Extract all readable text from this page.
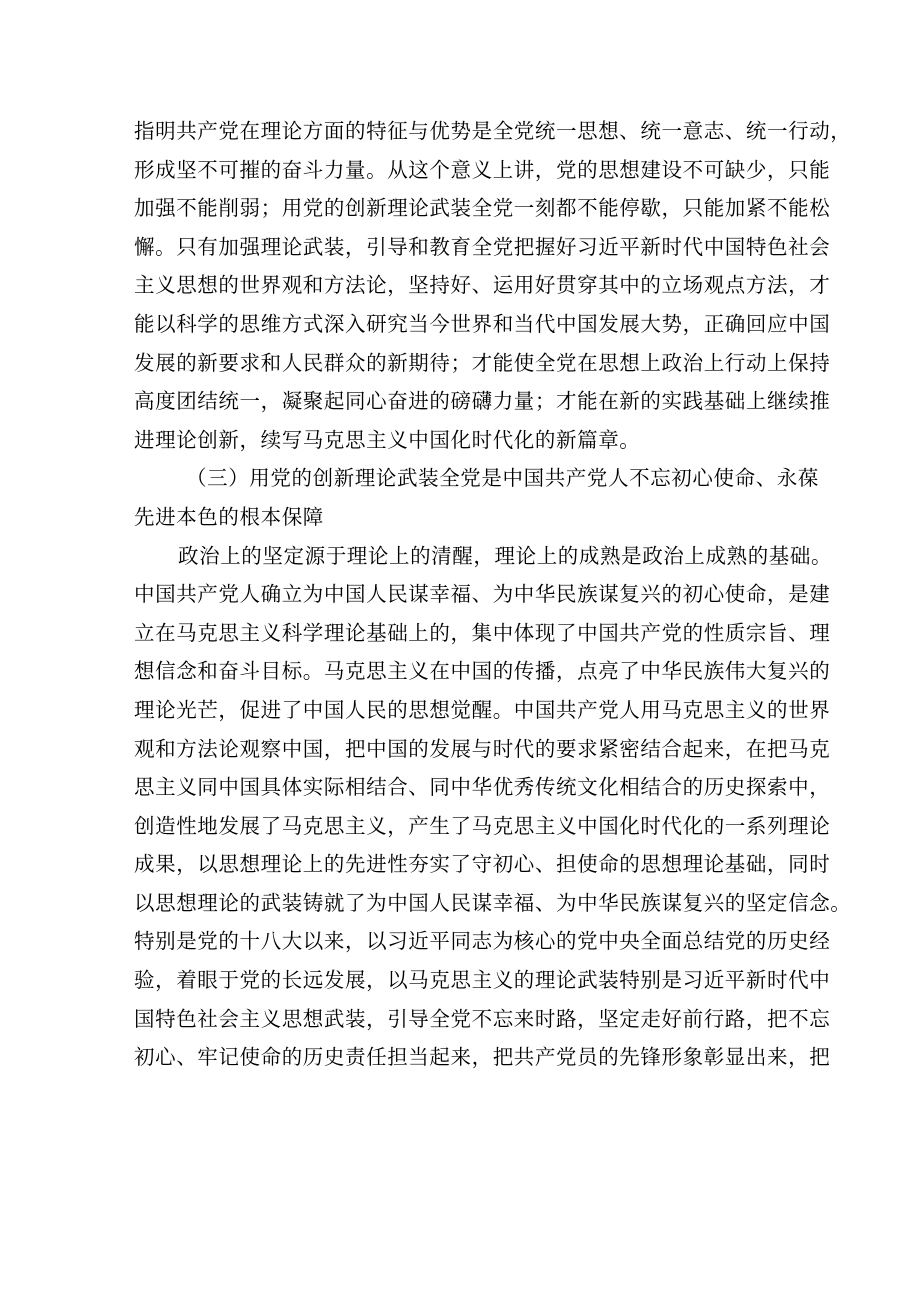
指明共产党在理论方面的特征与优势是全党统一思想、统一意志、统一行动，
形成坚不可摧的奋斗力量。从这个意义上讲，党的思想建设不可缺少，只能
加强不能削弱；用党的创新理论武装全党一刻都不能停歇，只能加紧不能松
懈。只有加强理论武装，引导和教育全党把握好习近平新时代中国特色社会
主义思想的世界观和方法论，坚持好、运用好贯穿其中的立场观点方法，才
能以科学的思维方式深入研究当今世界和当代中国发展大势，正确回应中国
发展的新要求和人民群众的新期待；才能使全党在思想上政治上行动上保持
高度团结统一，凝聚起同心奋进的磅礴力量；才能在新的实践基础上继续推
进理论创新，续写马克思主义中国化时代化的新篇章。
（三）用党的创新理论武装全党是中国共产党人不忘初心使命、永葆
先进本色的根本保障
政治上的坚定源于理论上的清醒，理论上的成熟是政治上成熟的基础。
中国共产党人确立为中国人民谋幸福、为中华民族谋复兴的初心使命，是建
立在马克思主义科学理论基础上的，集中体现了中国共产党的性质宗旨、理
想信念和奋斗目标。马克思主义在中国的传播，点亮了中华民族伟大复兴的
理论光芒，促进了中国人民的思想觉醒。中国共产党人用马克思主义的世界
观和方法论观察中国，把中国的发展与时代的要求紧密结合起来，在把马克
思主义同中国具体实际相结合、同中华优秀传统文化相结合的历史探索中，
创造性地发展了马克思主义，产生了马克思主义中国化时代化的一系列理论
成果，以思想理论上的先进性夯实了守初心、担使命的思想理论基础，同时
以思想理论的武装铸就了为中国人民谋幸福、为中华民族谋复兴的坚定信念。
特别是党的十八大以来，以习近平同志为核心的党中央全面总结党的历史经
验，着眼于党的长远发展，以马克思主义的理论武装特别是习近平新时代中
国特色社会主义思想武装，引导全党不忘来时路，坚定走好前行路，把不忘
初心、牢记使命的历史责任担当起来，把共产党员的先锋形象彰显出来，把
